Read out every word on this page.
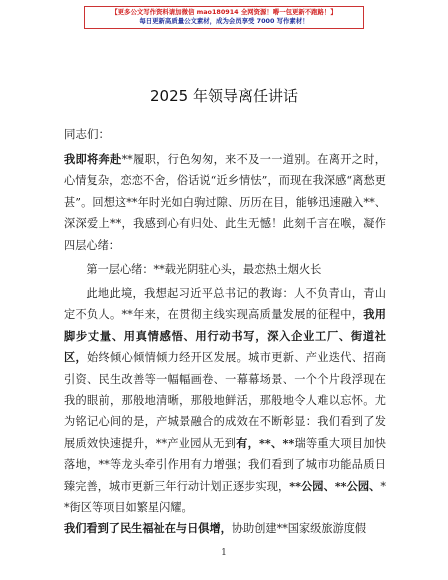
【更多公文写作资料请加微信 mao180914 全网资源！嘚一包更新不跑路！】
每日更新高质量公文素材，成为会员享受 7000 写作素材！
2025 年领导离任讲话
同志们：

我即将奔赴**履职，行色匆匆，来不及一一道别。在离开之时，心情复杂，恋恋不舍，俗话说“近乡情怯”，而现在我深感“离愁更甚”。回想这**年时光如白驹过隙、历历在目，能够迅速融入**、深深爱上**，我感到心有归处、此生无憾！此刻千言在喉，凝作四层心绪：

第一层心绪：**载光阴驻心头，最恋热土烟火长

此地此境，我想起习近平总书记的教诲：人不负青山，青山定不负人。**年来，在贯彻主线实现高质量发展的征程中，我用脚步丈量、用真情感悟、用行动书写，深入企业工厂、街道社区，始终倾心倾情倾力经开区发展。城市更新、产业迭代、招商引资、民生改善等一幅幅画卷、一幕幕场景、一个个片段浮现在我的眼前，那般地清晰，那般地鲜活，那般地令人难以忘怀。尤为铭记心间的是，产城景融合的成效在不断彰显：我们看到了发展质效快速提升，**产业园从无到有，**、**瑞等重大项目加快落地，**等龙头牵引作用有力增强；我们看到了城市功能品质日臻完善，城市更新三年行动计划正逐步实现，**公园、**公园、**街区等项目如繁星闪耀。

我们看到了民生福祉在与日俱增，协助创建**国家级旅游度假

1
